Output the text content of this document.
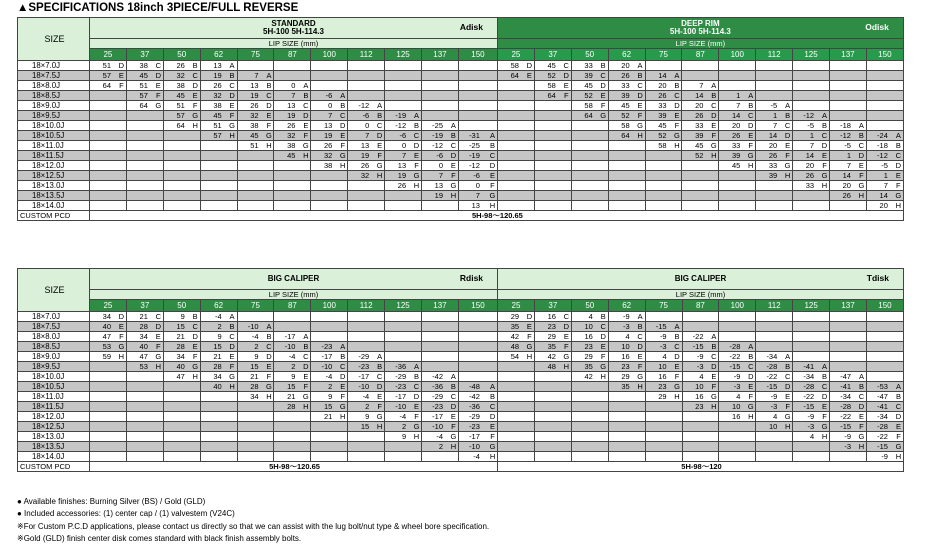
▲SPECIFICATIONS 18inch 3PIECE/FULL REVERSE
SIZE	STANDARD
5H-100 5H-114.3 Adisk											DEEP RIM
5H-100 5H-114.3 Odisk										

	LIP SIZE (mm)											LIP SIZE (mm)										
	25	37	50	62	75	87	100	112	125	137	150	25	37	50	62	75	87	100	112	125	137	150
18×7.0J	51 D	38 C	26 B	13 A								58 D	45 C	33 B	20 A							

18×7.5J	57 E	45 D	32 C	19 B	7 A							64 E	52 D	39 C	26 B	14 A						

18×8.0J	64 F	51 E	38 D	26 C	13 B	0 A							58 E	45 D	33 C	20 B	7 A					

18×8.5J		57 F	45 E	32 D	19 C	7 B	-6 A						64 F	52 E	39 D	26 C	14 B	1 A				

18×9.0J		64 G	51 F	38 E	26 D	13 C	0 B	-12 A						58 F	45 E	33 D	20 C	7 B	-5 A			

18×9.5J			57 G	45 F	32 E	19 D	7 C	-6 B	-19 A					64 G	52 F	39 E	26 D	14 C	1 B	-12 A		

18×10.0J			64 H	51 G	38 F	26 E	13 D	0 C	-12 B	-25 A					58 G	45 F	33 E	20 D	7 C	-5 B	-18 A	

18×10.5J				57 H	45 G	32 F	19 E	7 D	-6 C	-19 B	-31 A				64 H	52 G	39 F	26 E	14 D	1 C	-12 B	-24 A

18×11.0J					51 H	38 G	26 F	13 E	0 D	-12 C	-25 B					58 H	45 G	33 F	20 E	7 D	-5 C	-18 B

18×11.5J						45 H	32 G	19 F	7 E	-6 D	-19 C						52 H	39 G	26 F	14 E	1 D	-12 C

18×12.0J							38 H	26 G	13 F	0 E	-12 D							45 H	33 G	20 F	7 E	-5 D

18×12.5J								32 H	19 G	7 F	-6 E								39 H	26 G	14 F	1 E

18×13.0J									26 H	13 G	0 F									33 H	20 G	7 F

18×13.5J										19 H	7 G										26 H	14 G

18×14.0J											13 H											20 H

CUSTOM PCD	5H-98～120.65																					
SIZE	BIG CALIPER Rdisk											BIG CALIPER Tdisk										

	LIP SIZE (mm)											LIP SIZE (mm)										
	25	37	50	62	75	87	100	112	125	137	150	25	37	50	62	75	87	100	112	125	137	150
18×7.0J	34 D	21 C	9 B	-4 A								29 D	16 C	4 B	-9 A							

18×7.5J	40 E	28 D	15 C	2 B	-10 A							35 E	23 D	10 C	-3 B	-15 A						

18×8.0J	47 F	34 E	21 D	9 C	-4 B	-17 A						42 F	29 E	16 D	4 C	-9 B	-22 A					

18×8.5J	53 G	40 F	28 E	15 D	2 C	-10 B	-23 A					48 G	35 F	23 E	10 D	-3 C	-15 B	-28 A				

18×9.0J	59 H	47 G	34 F	21 E	9 D	-4 C	-17 B	-29 A				54 H	42 G	29 F	16 E	4 D	-9 C	-22 B	-34 A			

18×9.5J		53 H	40 G	28 F	15 E	2 D	-10 C	-23 B	-36 A				48 H	35 G	23 F	10 E	-3 D	-15 C	-28 B	-41 A		

18×10.0J			47 H	34 G	21 F	9 E	-4 D	-17 C	-29 B	-42 A				42 H	29 G	16 F	4 E	-9 D	-22 C	-34 B	-47 A	

18×10.5J				40 H	28 G	15 F	2 E	-10 D	-23 C	-36 B	-48 A				35 H	23 G	10 F	-3 E	-15 D	-28 C	-41 B	-53 A

18×11.0J					34 H	21 G	9 F	-4 E	-17 D	-29 C	-42 B					29 H	16 G	4 F	-9 E	-22 D	-34 C	-47 B

18×11.5J						28 H	15 G	2 F	-10 E	-23 D	-36 C						23 H	10 G	-3 F	-15 E	-28 D	-41 C

18×12.0J							21 H	9 G	-4 F	-17 E	-29 D							16 H	4 G	-9 F	-22 E	-34 D

18×12.5J								15 H	2 G	-10 F	-23 E								10 H	-3 G	-15 F	-28 E

18×13.0J									9 H	-4 G	-17 F									4 H	-9 G	-22 F

18×13.5J										2 H	-10 G										-3 H	-15 G

18×14.0J											-4 H											-9 H

CUSTOM PCD	5H-98～120.65											5H-98～120										
● Available finishes: Burning Silver (BS) / Gold (GLD)
● Included accessories: (1) center cap / (1) valvestem (V24C)
※For Custom P.C.D applications, please contact us directly so that we can assist with the lug bolt/nut type & wheel bore specification.
※Gold (GLD) finish center disk comes standard with black finish assembly bolts.
